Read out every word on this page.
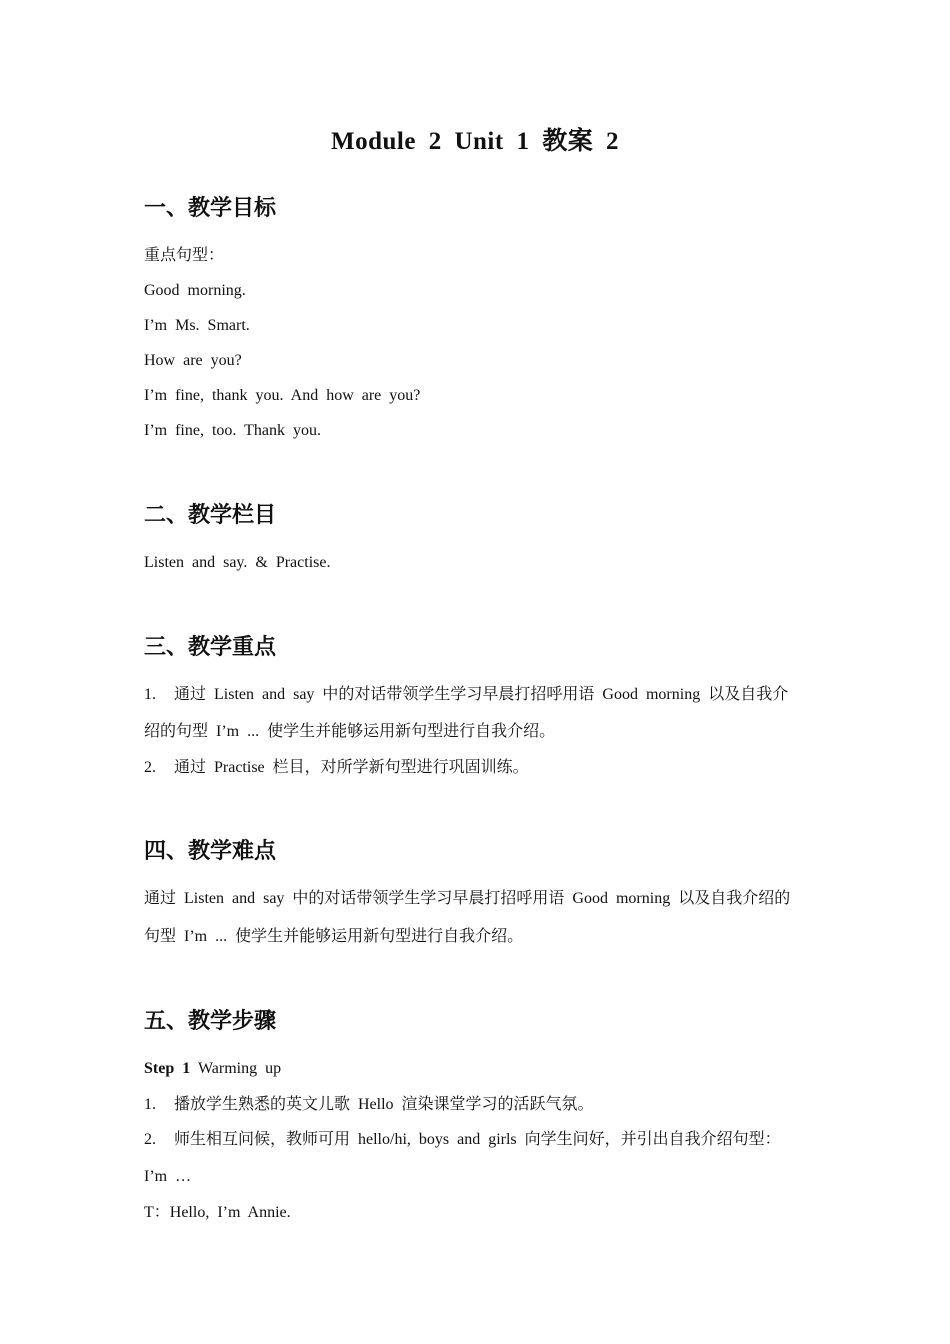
Module 2 Unit 1 教案 2
一、教学目标

重点句型：

Good morning.

I’m Ms. Smart.

How are you?

I’m fine, thank you. And how are you?

I’m fine, too. Thank you.

二、教学栏目

Listen and say. & Practise.

三、教学重点

1. 通过 Listen and say 中的对话带领学生学习早晨打招呼用语 Good morning 以及自我介

绍的句型 I’m ... 使学生并能够运用新句型进行自我介绍。

2. 通过 Practise 栏目，对所学新句型进行巩固训练。

四、教学难点

通过 Listen and say 中的对话带领学生学习早晨打招呼用语 Good morning 以及自我介绍的

句型 I’m ... 使学生并能够运用新句型进行自我介绍。

五、教学步骤

Step 1 Warming up

1. 播放学生熟悉的英文儿歌 Hello 渲染课堂学习的活跃气氛。

2. 师生相互问候，教师可用 hello/hi, boys and girls 向学生问好，并引出自我介绍句型：

I’m …

T：Hello, I’m Annie.
